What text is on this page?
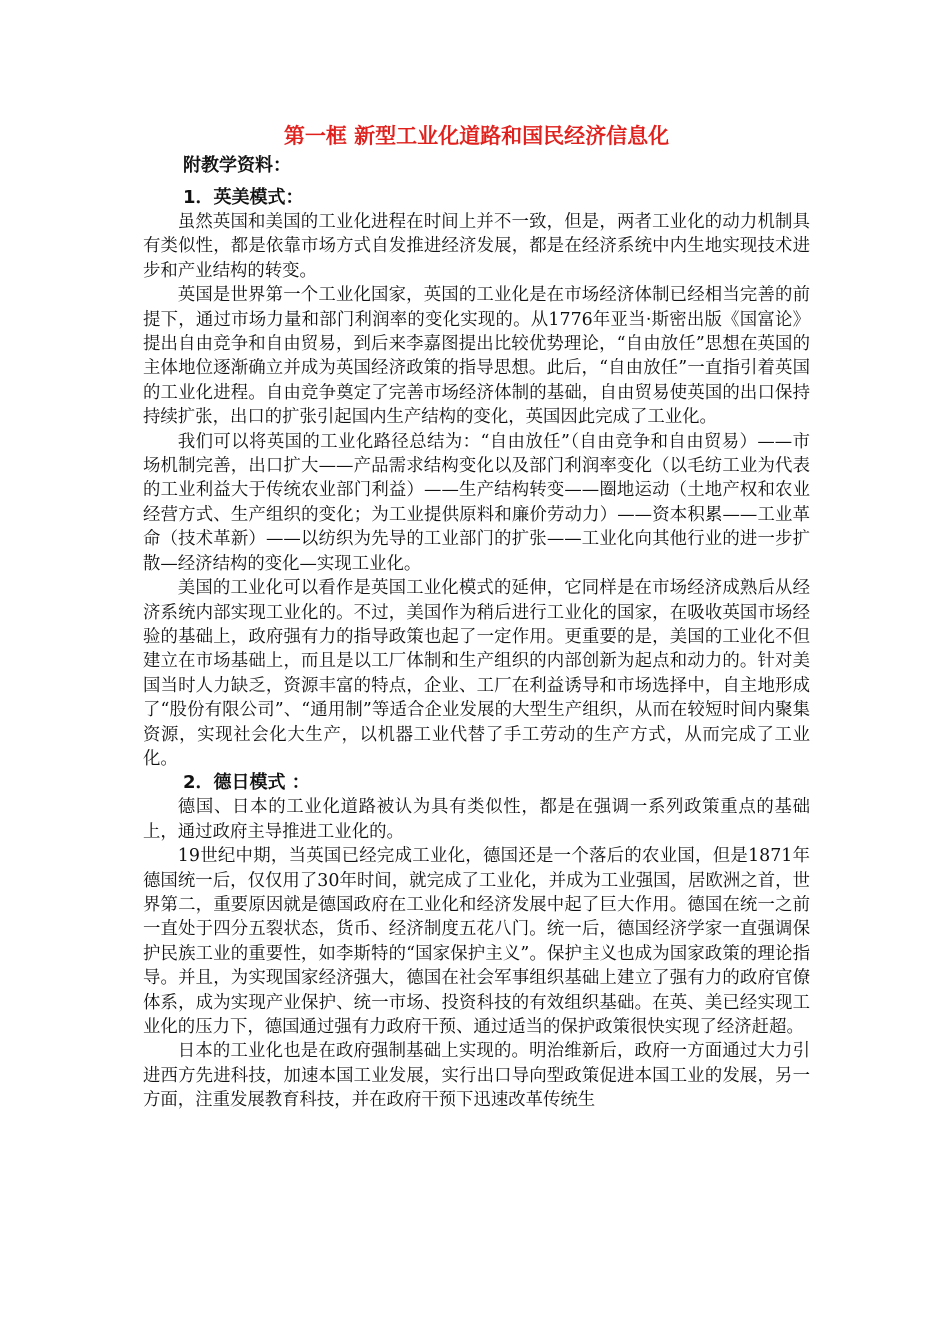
第一框 新型工业化道路和国民经济信息化
附教学资料：
1．英美模式：

虽然英国和美国的工业化进程在时间上并不一致，但是，两者工业化的动力机制具有类似性，都是依靠市场方式自发推进经济发展，都是在经济系统中内生地实现技术进步和产业结构的转变。

英国是世界第一个工业化国家，英国的工业化是在市场经济体制已经相当完善的前提下，通过市场力量和部门利润率的变化实现的。从1776年亚当·斯密出版《国富论》提出自由竞争和自由贸易，到后来李嘉图提出比较优势理论，“自由放任”思想在英国的主体地位逐渐确立并成为英国经济政策的指导思想。此后，“自由放任”一直指引着英国的工业化进程。自由竞争奠定了完善市场经济体制的基础，自由贸易使英国的出口保持持续扩张，出口的扩张引起国内生产结构的变化，英国因此完成了工业化。

我们可以将英国的工业化路径总结为：“自由放任”（自由竞争和自由贸易）——市场机制完善，出口扩大——产品需求结构变化以及部门利润率变化（以毛纺工业为代表的工业利益大于传统农业部门利益）——生产结构转变——圈地运动（土地产权和农业经营方式、生产组织的变化；为工业提供原料和廉价劳动力）——资本积累——工业革命（技术革新）——以纺织为先导的工业部门的扩张——工业化向其他行业的进一步扩散—经济结构的变化—实现工业化。

美国的工业化可以看作是英国工业化模式的延伸，它同样是在市场经济成熟后从经济系统内部实现工业化的。不过，美国作为稍后进行工业化的国家，在吸收英国市场经验的基础上，政府强有力的指导政策也起了一定作用。更重要的是，美国的工业化不但建立在市场基础上，而且是以工厂体制和生产组织的内部创新为起点和动力的。针对美国当时人力缺乏，资源丰富的特点，企业、工厂在利益诱导和市场选择中，自主地形成了“股份有限公司”、“通用制”等适合企业发展的大型生产组织，从而在较短时间内聚集资源，实现社会化大生产，以机器工业代替了手工劳动的生产方式，从而完成了工业化。

2．德日模式 ：

德国、日本的工业化道路被认为具有类似性，都是在强调一系列政策重点的基础上，通过政府主导推进工业化的。

19世纪中期，当英国已经完成工业化，德国还是一个落后的农业国，但是1871年德国统一后，仅仅用了30年时间，就完成了工业化，并成为工业强国，居欧洲之首，世界第二，重要原因就是德国政府在工业化和经济发展中起了巨大作用。德国在统一之前一直处于四分五裂状态，货币、经济制度五花八门。统一后，德国经济学家一直强调保护民族工业的重要性，如李斯特的“国家保护主义”。保护主义也成为国家政策的理论指导。并且，为实现国家经济强大，德国在社会军事组织基础上建立了强有力的政府官僚体系，成为实现产业保护、统一市场、投资科技的有效组织基础。在英、美已经实现工业化的压力下，德国通过强有力政府干预、通过适当的保护政策很快实现了经济赶超。

日本的工业化也是在政府强制基础上实现的。明治维新后，政府一方面通过大力引进西方先进科技，加速本国工业发展，实行出口导向型政策促进本国工业的发展，另一方面，注重发展教育科技，并在政府干预下迅速改革传统生
